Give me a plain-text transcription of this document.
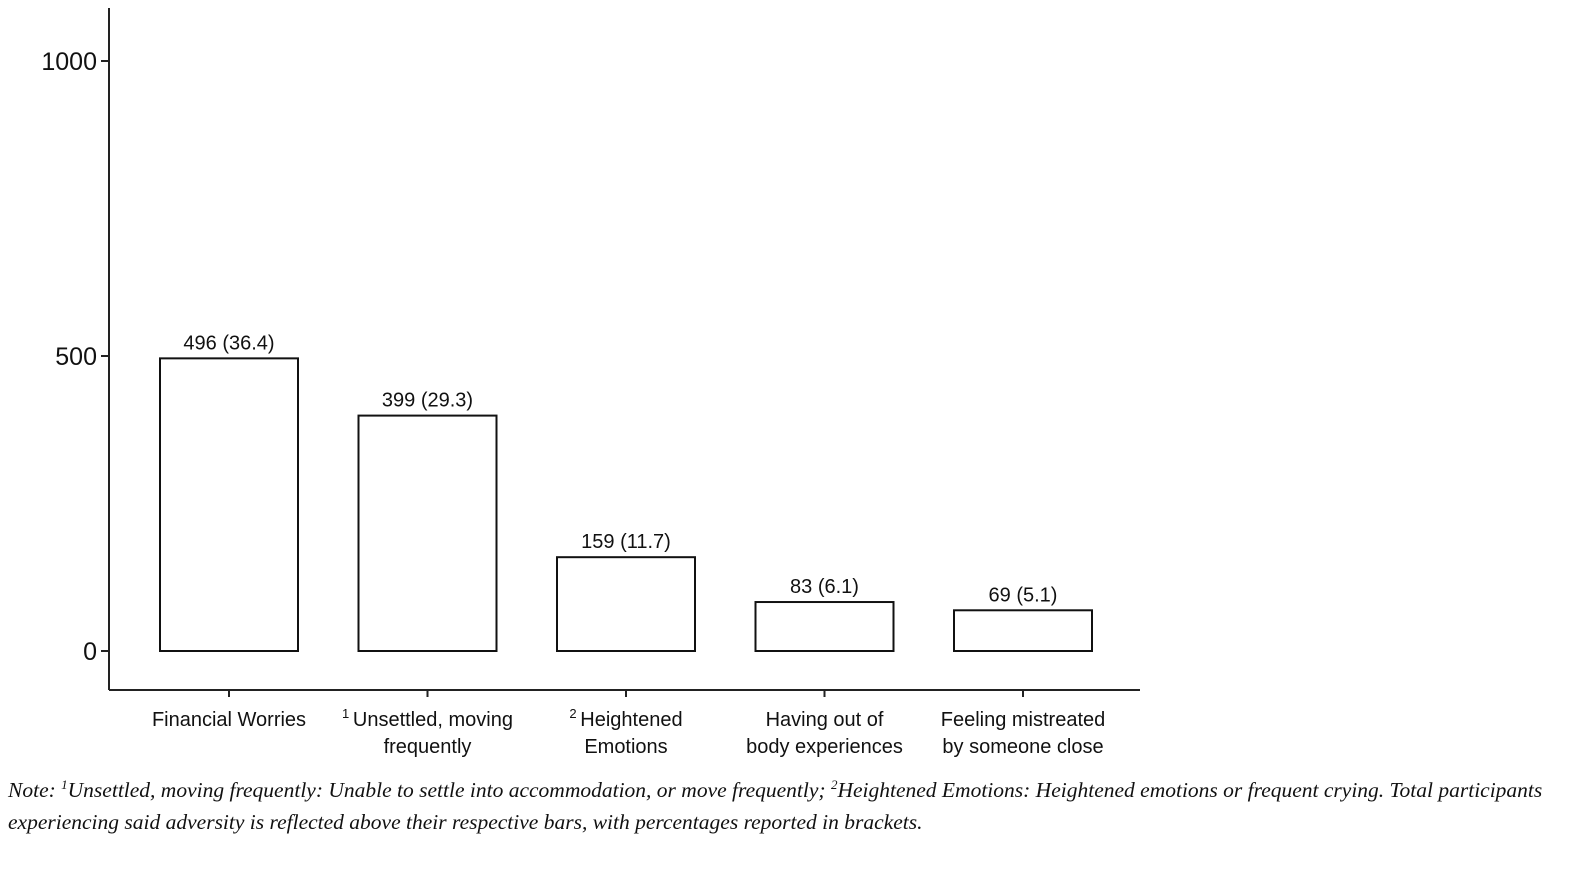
0
500
1000
496 (36.4)
399 (29.3)
159 (11.7)
83 (6.1)	69 (5.1)
Financial Worries	$^1$ Unsettled, moving
frequently
$^2$ Heightened
Emotions
Having out of
body experiences
Feeling mistreated
by someone close
Note: $^1$Unsettled, moving frequently: Unable to settle into accommodation, or move frequently; $^2$Heightened Emotions: Heightened emotions or frequent crying. Total participants experiencing said adversity is reflected above their respective bars, with percentages reported in brackets.
